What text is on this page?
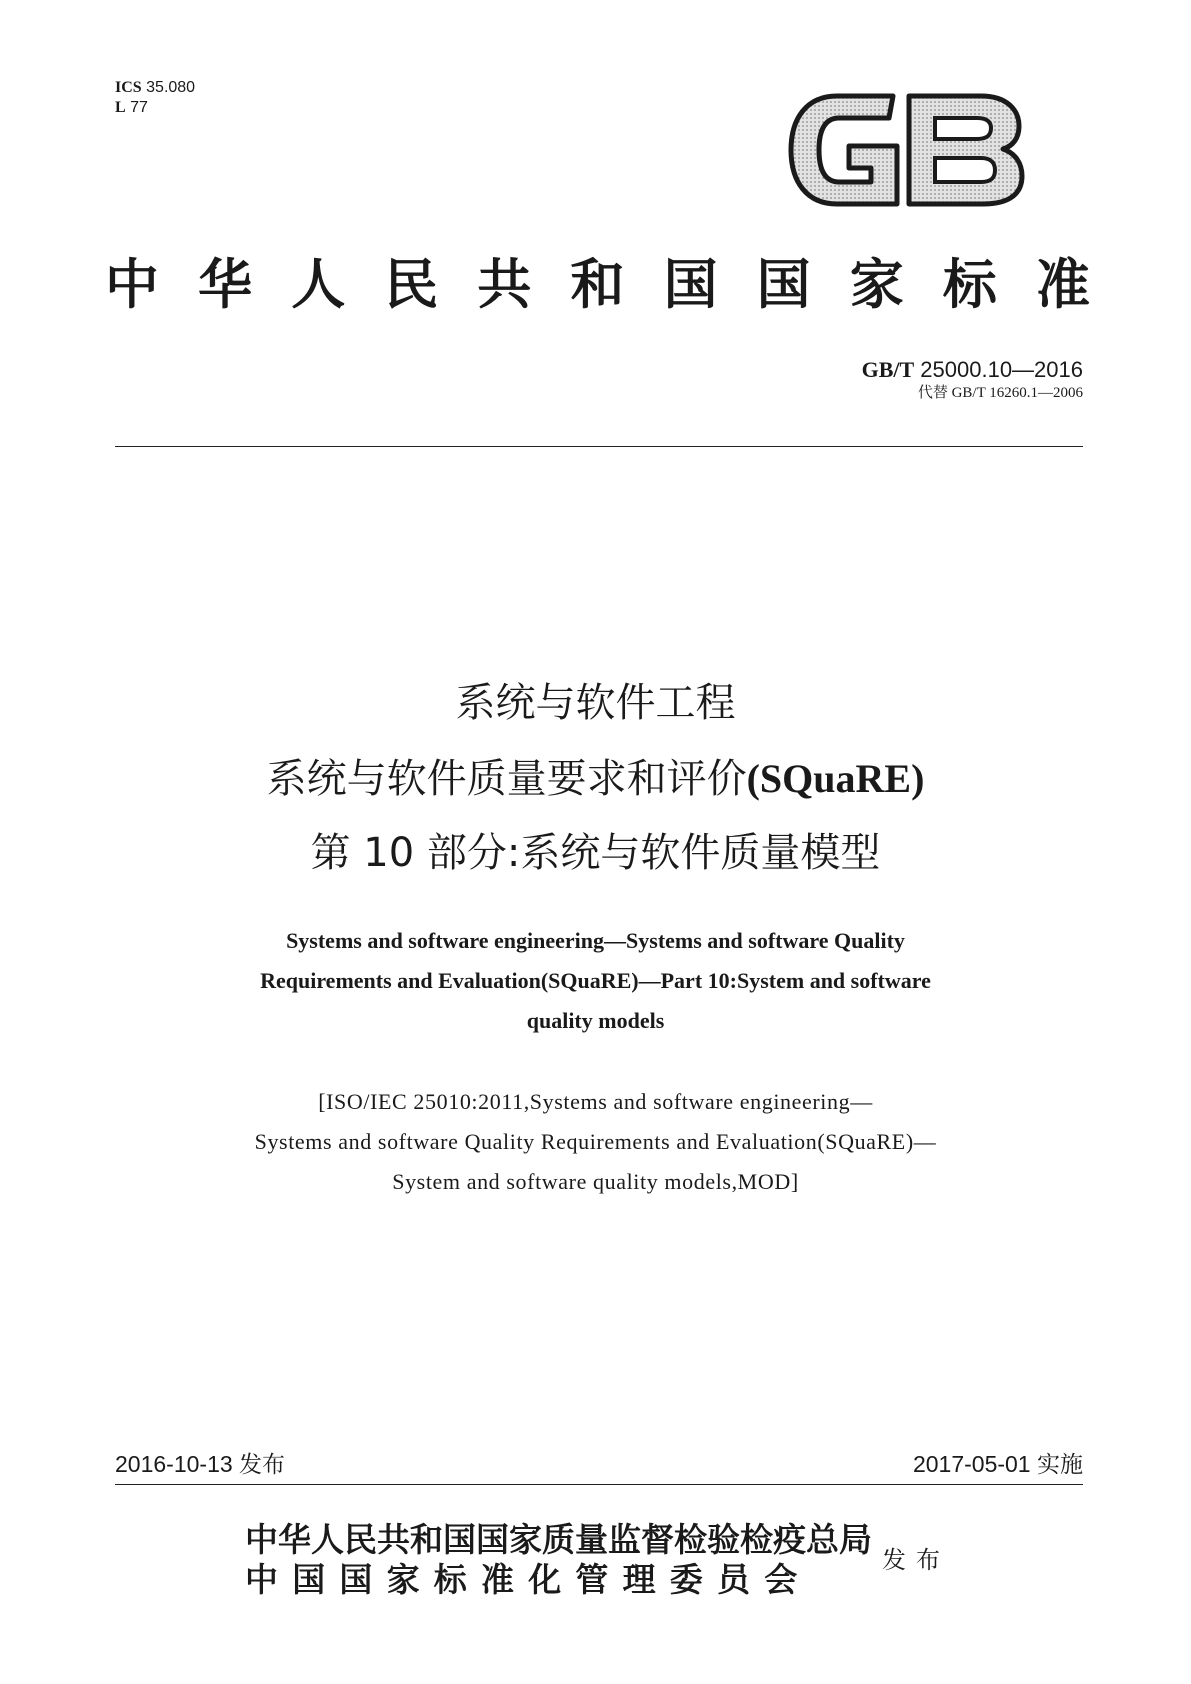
ICS 35.080
L 77
中 华 人 民 共 和 国 国 家 标 准
GB/T 25000.10—2016
代替 GB/T 16260.1—2006
系统与软件工程
系统与软件质量要求和评价(SQuaRE)
第 10 部分:系统与软件质量模型
Systems and software engineering—Systems and software Quality
Requirements and Evaluation(SQuaRE)—Part 10:System and software
quality models
[ISO/IEC 25010:2011,Systems and software engineering—
Systems and software Quality Requirements and Evaluation(SQuaRE)—
System and software quality models,MOD]
2016-10-13 发布	2017-05-01 实施
中华人民共和国国家质量监督检验检疫总局
中国国家标准化管理委员会	发布
